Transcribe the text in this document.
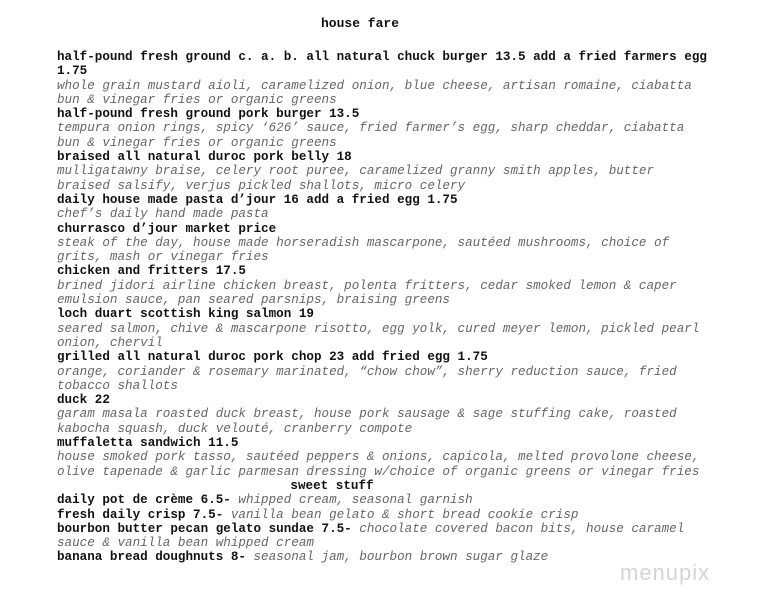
house fare
half-pound fresh ground c. a. b. all natural chuck burger 13.5 add a fried farmers egg
1.75
whole grain mustard aioli, caramelized onion, blue cheese, artisan romaine, ciabatta
bun & vinegar fries or organic greens
half-pound fresh ground pork burger 13.5
tempura onion rings, spicy ‘626’ sauce, fried farmer’s egg, sharp cheddar, ciabatta
bun & vinegar fries or organic greens
braised all natural duroc pork belly 18
mulligatawny braise, celery root puree, caramelized granny smith apples, butter
braised salsify, verjus pickled shallots, micro celery
daily house made pasta d’jour 16 add a fried egg 1.75
chef’s daily hand made pasta
churrasco d’jour market price
steak of the day, house made horseradish mascarpone, sautéed mushrooms, choice of
grits, mash or vinegar fries
chicken and fritters 17.5
brined jidori airline chicken breast, polenta fritters, cedar smoked lemon & caper
emulsion sauce, pan seared parsnips, braising greens
loch duart scottish king salmon 19
seared salmon, chive & mascarpone risotto, egg yolk, cured meyer lemon, pickled pearl
onion, chervil
grilled all natural duroc pork chop 23 add fried egg 1.75
orange, coriander & rosemary marinated, “chow chow”, sherry reduction sauce, fried
tobacco shallots
duck 22
garam masala roasted duck breast, house pork sausage & sage stuffing cake, roasted
kabocha squash, duck velouté, cranberry compote
muffaletta sandwich 11.5
house smoked pork tasso, sautéed peppers & onions, capicola, melted provolone cheese,
olive tapenade & garlic parmesan dressing w/choice of organic greens or vinegar fries
sweet stuff
daily pot de crème 6.5- whipped cream, seasonal garnish
fresh daily crisp 7.5- vanilla bean gelato & short bread cookie crisp
bourbon butter pecan gelato sundae 7.5- chocolate covered bacon bits, house caramel
sauce & vanilla bean whipped cream
banana bread doughnuts 8- seasonal jam, bourbon brown sugar glaze
menupix
